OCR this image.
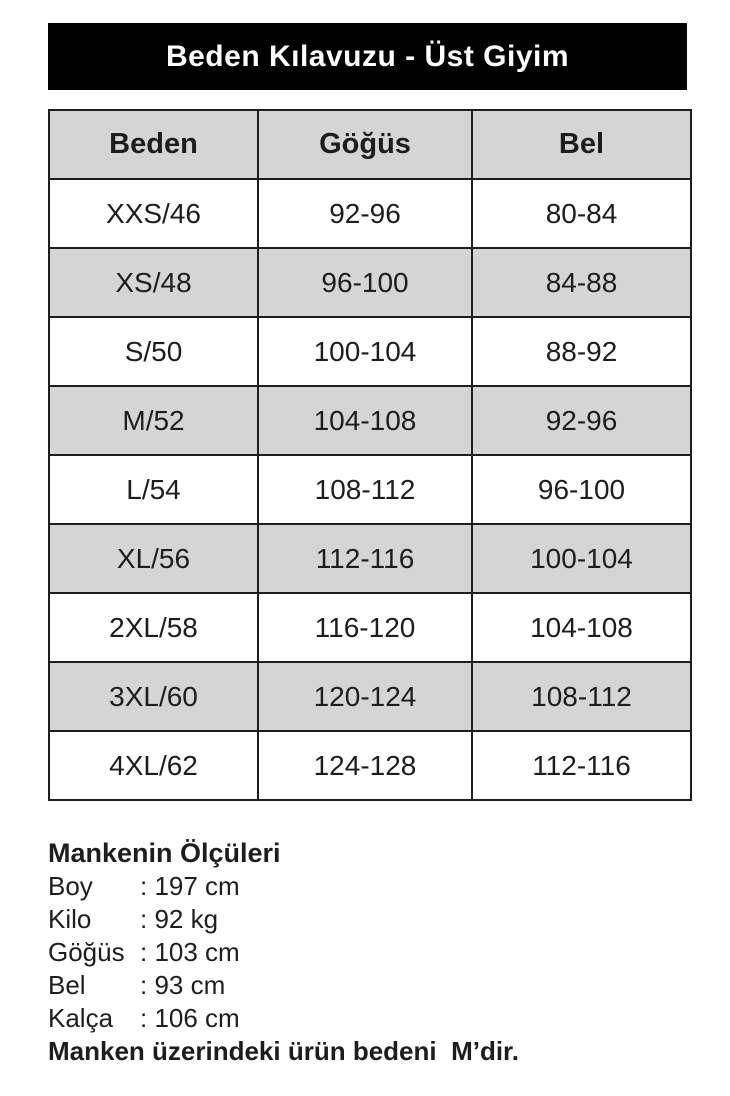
Beden Kılavuzu - Üst Giyim
Beden	Göğüs	Bel
XXS/46	92-96	80-84
XS/48	96-100	84-88
S/50	100-104	88-92
M/52	104-108	92-96
L/54	108-112	96-100
XL/56	112-116	100-104
2XL/58	116-120	104-108
3XL/60	120-124	108-112
4XL/62	124-128	112-116
Mankenin Ölçüleri
Boy	: 197 cm
Kilo	: 92 kg
Göğüs : 103 cm
Bel	: 93 cm
Kalça	: 106 cm
Manken üzerindeki ürün bedeni  M’dir.
